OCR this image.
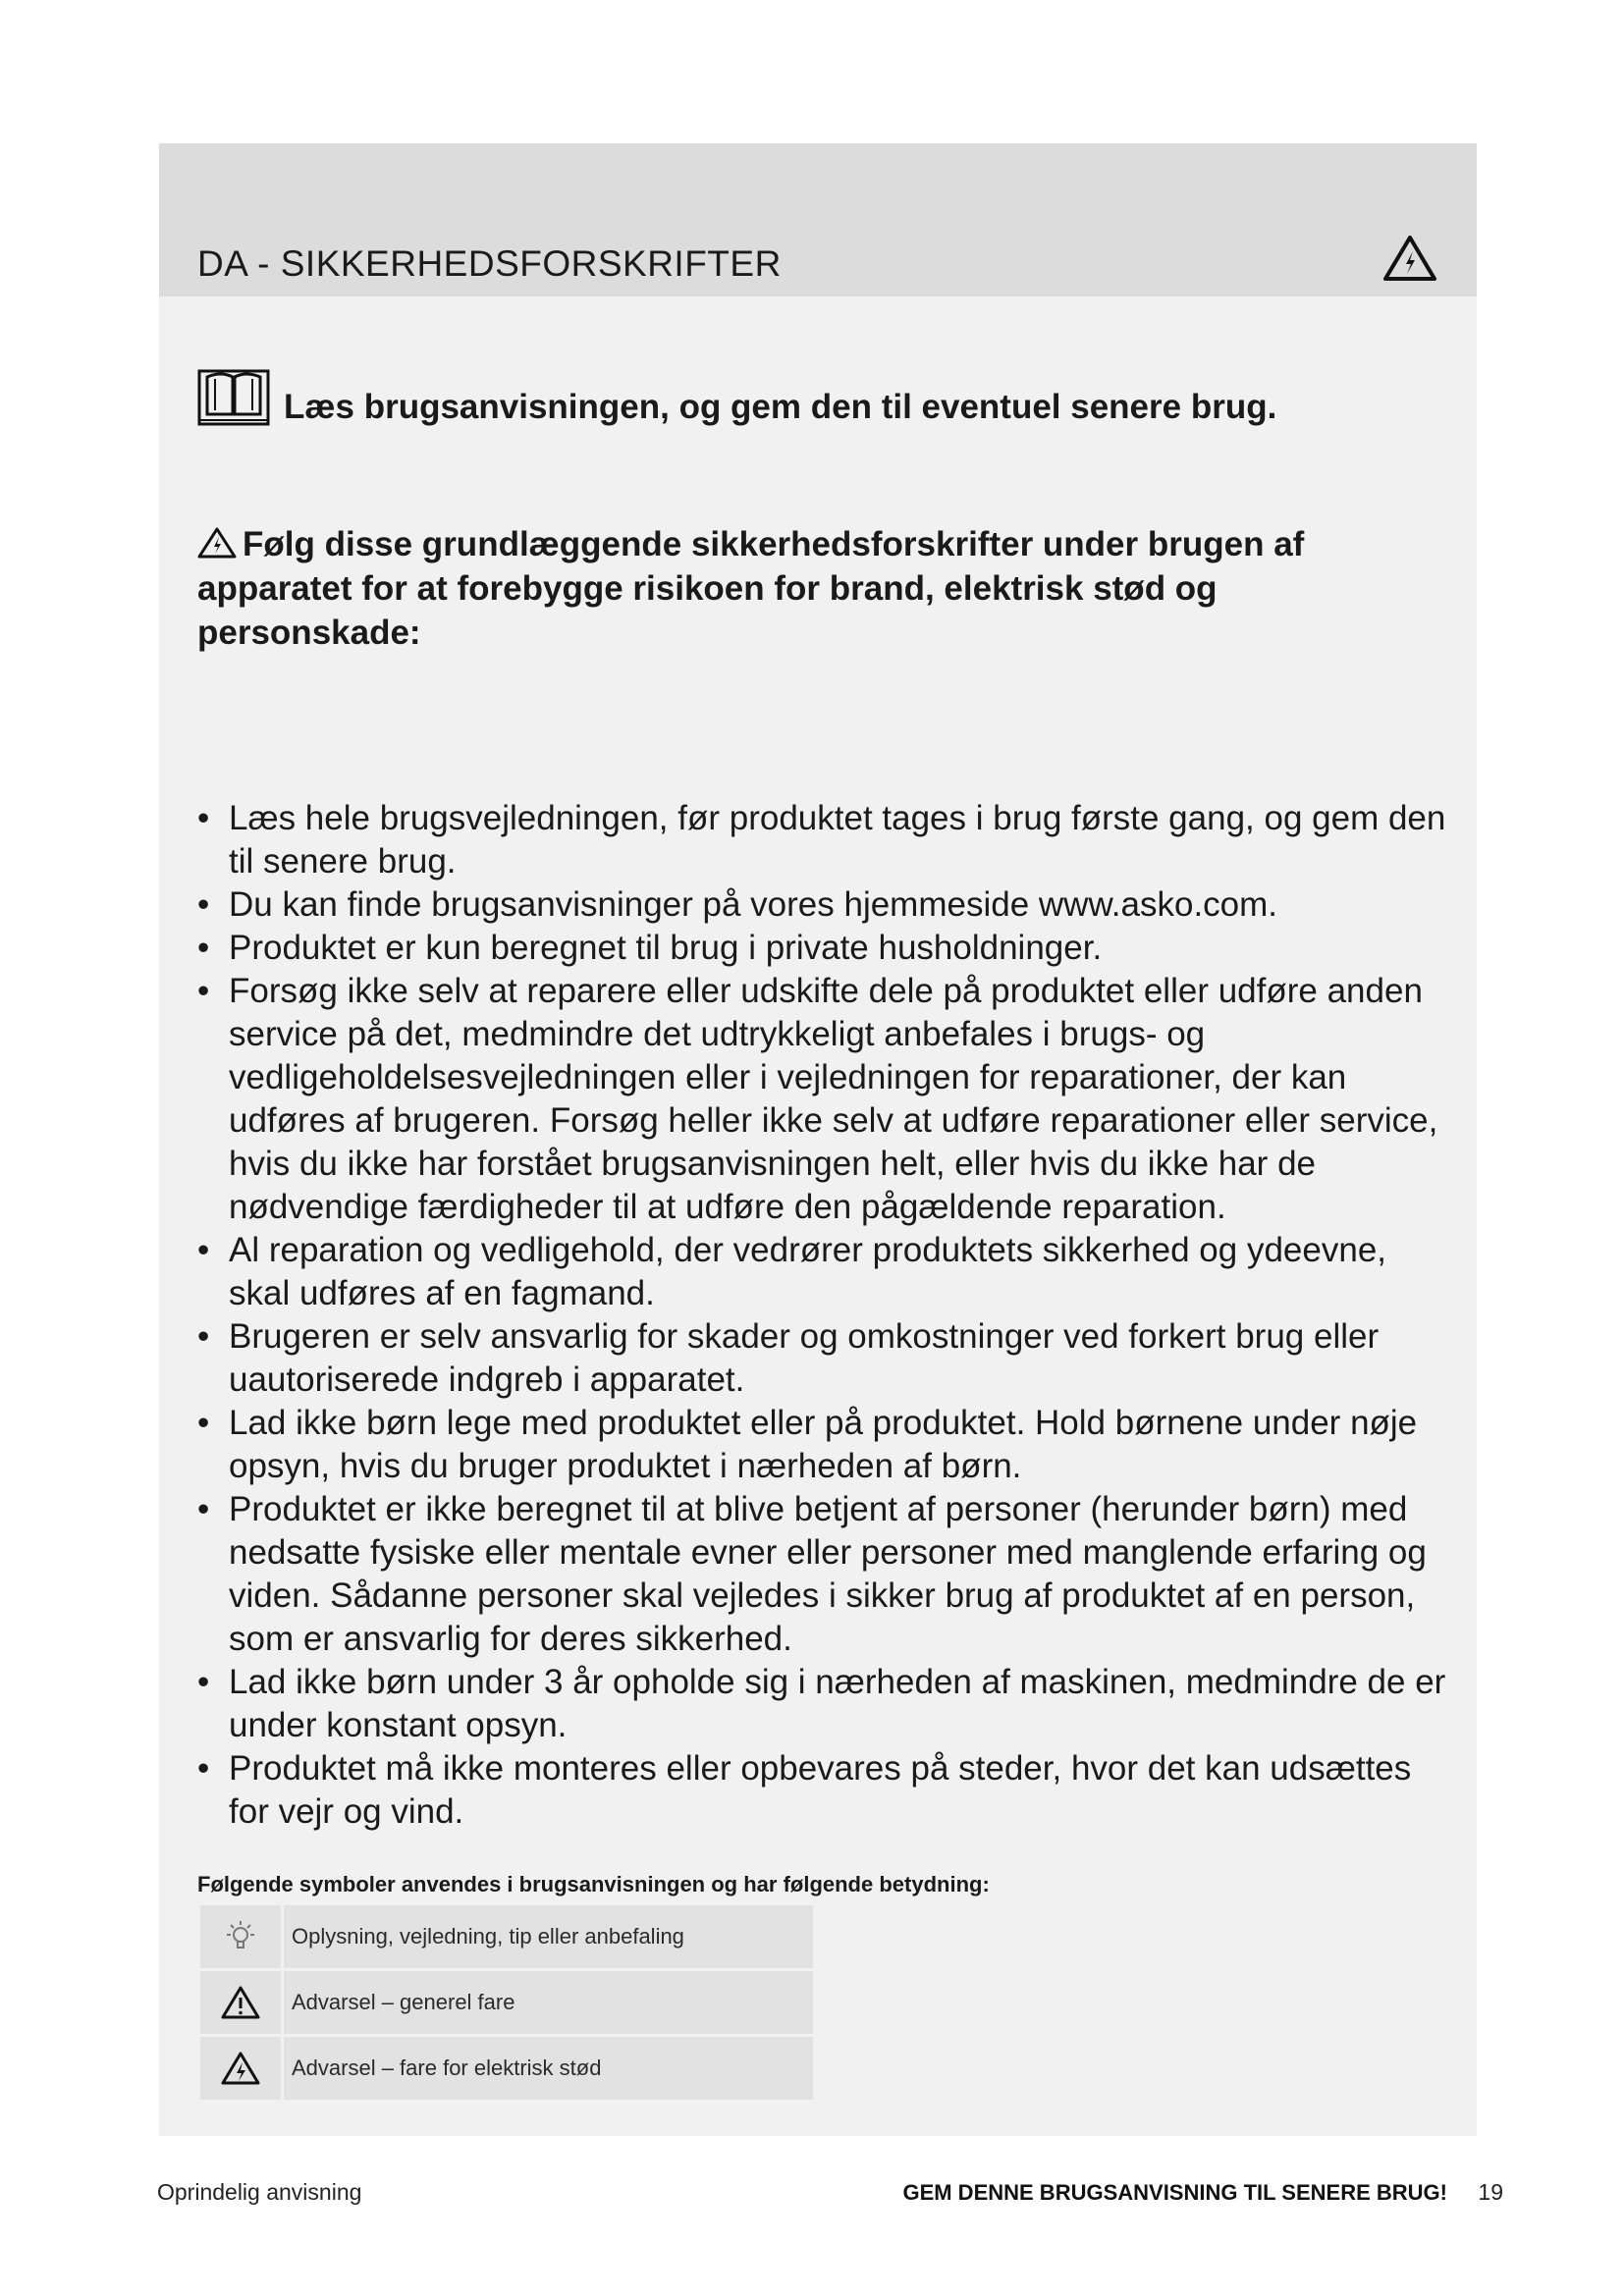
DA - SIKKERHEDSFORSKRIFTER
Læs brugsanvisningen, og gem den til eventuel senere brug.

Følg disse grundlæggende sikkerhedsforskrifter under brugen af apparatet for at forebygge risikoen for brand, elektrisk stød og personskade:

• Læs hele brugsvejledningen, før produktet tages i brug første gang, og gem den til senere brug.
• Du kan finde brugsanvisninger på vores hjemmeside www.asko.com.
• Produktet er kun beregnet til brug i private husholdninger.
• Forsøg ikke selv at reparere eller udskifte dele på produktet eller udføre anden service på det, medmindre det udtrykkeligt anbefales i brugs- og vedligeholdelsesvejledningen eller i vejledningen for reparationer, der kan udføres af brugeren. Forsøg heller ikke selv at udføre reparationer eller service, hvis du ikke har forstået brugsanvisningen helt, eller hvis du ikke har de nødvendige færdigheder til at udføre den pågældende reparation.
• Al reparation og vedligehold, der vedrører produktets sikkerhed og ydeevne, skal udføres af en fagmand.
• Brugeren er selv ansvarlig for skader og omkostninger ved forkert brug eller uautoriserede indgreb i apparatet.
• Lad ikke børn lege med produktet eller på produktet. Hold børnene under nøje opsyn, hvis du bruger produktet i nærheden af børn.
• Produktet er ikke beregnet til at blive betjent af personer (herunder børn) med nedsatte fysiske eller mentale evner eller personer med manglende erfaring og viden. Sådanne personer skal vejledes i sikker brug af produktet af en person, som er ansvarlig for deres sikkerhed.
• Lad ikke børn under 3 år opholde sig i nærheden af maskinen, medmindre de er under konstant opsyn.
• Produktet må ikke monteres eller opbevares på steder, hvor det kan udsættes for vejr og vind.

Følgende symboler anvendes i brugsanvisningen og har følgende betydning:

	Oplysning, vejledning, tip eller anbefaling
	Advarsel – generel fare
	Advarsel – fare for elektrisk stød
Oprindelig anvisning	GEM DENNE BRUGSANVISNING TIL SENERE BRUG! 19
